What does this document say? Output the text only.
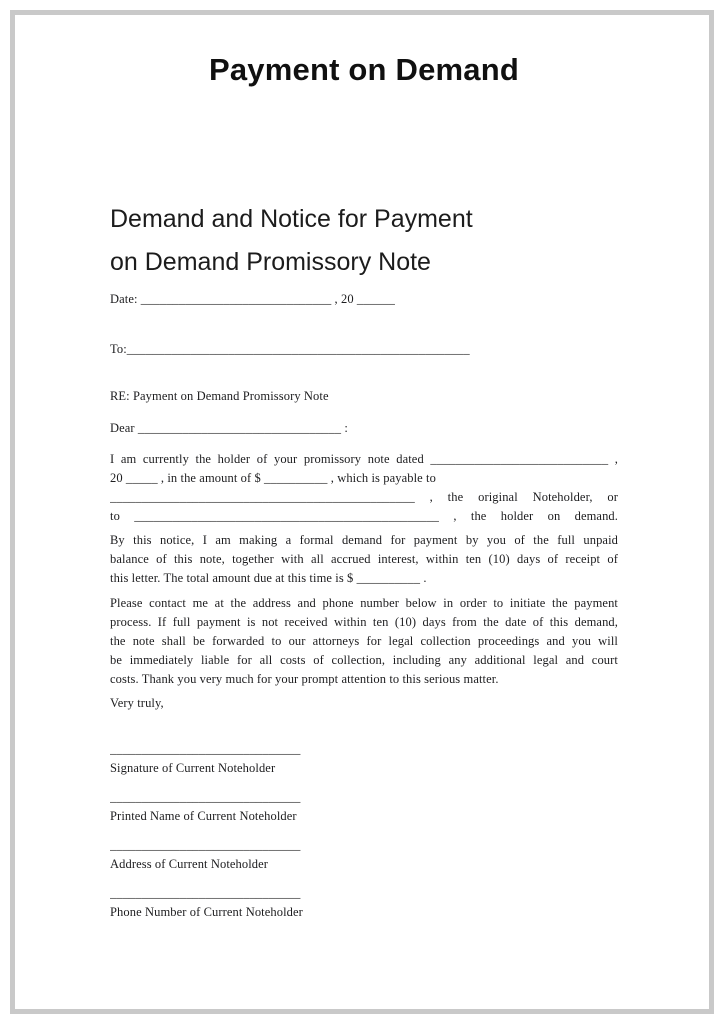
Payment on Demand
Demand and Notice for Payment
on Demand Promissory Note
Date: ______________________________ , 20 ______
To:______________________________________________________
RE: Payment on Demand Promissory Note
Dear ________________________________ :
I am currently the holder of your promissory note dated ____________________________ ,
20 _____ , in the amount of $ __________ , which is payable to
________________________________________________ , the original Noteholder, or
to ________________________________________________ , the holder on demand.
By this notice, I am making a formal demand for payment by you of the full unpaid
balance of this note, together with all accrued interest, within ten (10) days of receipt of
this letter. The total amount due at this time is $ __________ .
Please contact me at the address and phone number below in order to initiate the payment
process. If full payment is not received within ten (10) days from the date of this demand,
the note shall be forwarded to our attorneys for legal collection proceedings and you will
be immediately liable for all costs of collection, including any additional legal and court
costs. Thank you very much for your prompt attention to this serious matter.
Very truly,
______________________________
Signature of Current Noteholder
______________________________
Printed Name of Current Noteholder
______________________________
Address of Current Noteholder
______________________________
Phone Number of Current Noteholder
